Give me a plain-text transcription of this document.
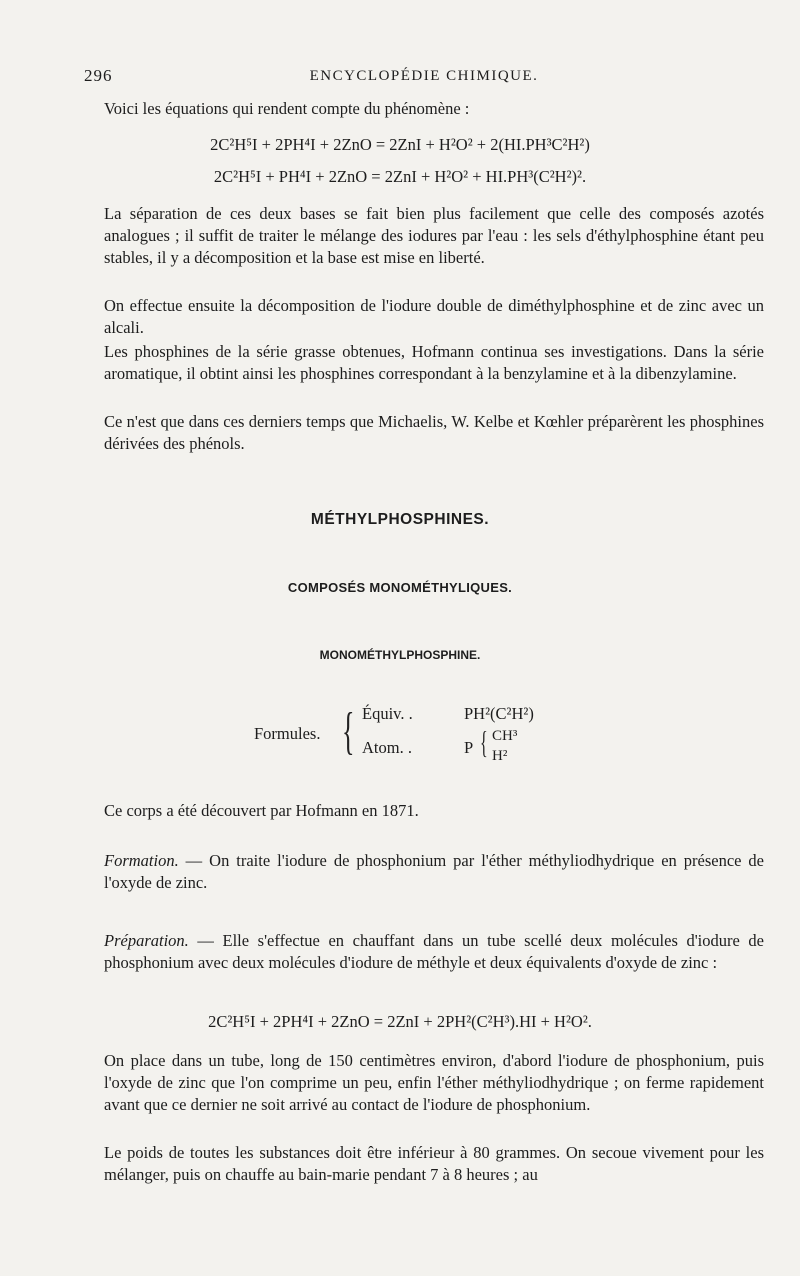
296	ENCYCLOPÉDIE CHIMIQUE.

Voici les équations qui rendent compte du phénomène :

2C²H⁵I + 2PH⁴I + 2ZnO = 2ZnI + H²O² + 2(HI.PH³C²H²)
2C²H⁵I + PH⁴I + 2ZnO = 2ZnI + H²O² + HI.PH³(C²H²)².

La séparation de ces deux bases se fait bien plus facilement que celle des composés azotés analogues ; il suffit de traiter le mélange des iodures par l'eau : les sels d'éthylphosphine étant peu stables, il y a décomposition et la base est mise en liberté.

On effectue ensuite la décomposition de l'iodure double de diméthylphosphine et de zinc avec un alcali.

Les phosphines de la série grasse obtenues, Hofmann continua ses investigations. Dans la série aromatique, il obtint ainsi les phosphines correspondant à la benzylamine et à la dibenzylamine.

Ce n'est que dans ces derniers temps que Michaelis, W. Kelbe et Kœhler préparèrent les phosphines dérivées des phénols.

MÉTHYLPHOSPHINES.
COMPOSÉS MONOMÉTHYLIQUES.
MONOMÉTHYLPHOSPHINE.
Formules. { Équiv. .	PH²(C²H²)
Atom. .	P { CH³
H²

Ce corps a été découvert par Hofmann en 1871.

Formation. — On traite l'iodure de phosphonium par l'éther méthyliodhydrique en présence de l'oxyde de zinc.

Préparation. — Elle s'effectue en chauffant dans un tube scellé deux molécules d'iodure de phosphonium avec deux molécules d'iodure de méthyle et deux équivalents d'oxyde de zinc :

2C²H⁵I + 2PH⁴I + 2ZnO = 2ZnI + 2PH²(C²H³).HI + H²O².

On place dans un tube, long de 150 centimètres environ, d'abord l'iodure de phosphonium, puis l'oxyde de zinc que l'on comprime un peu, enfin l'éther méthyliodhydrique ; on ferme rapidement avant que ce dernier ne soit arrivé au contact de l'iodure de phosphonium.

Le poids de toutes les substances doit être inférieur à 80 grammes. On secoue vivement pour les mélanger, puis on chauffe au bain-marie pendant 7 à 8 heures ; au
